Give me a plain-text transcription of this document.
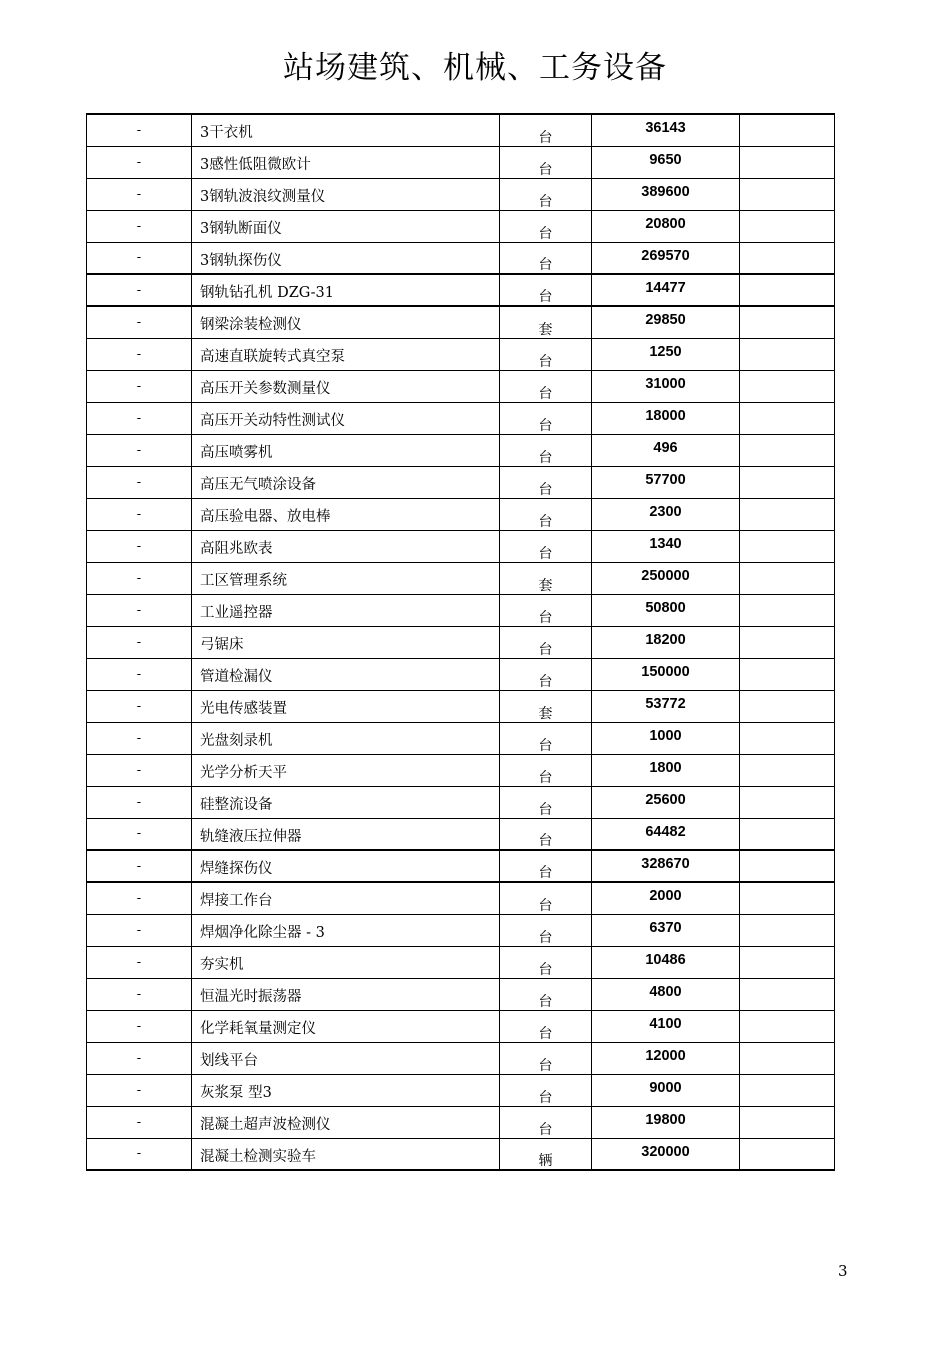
站场建筑、机械、工务设备
-	3干衣机	台	36143	
-	3感性低阻微欧计	台	9650	
-	3钢轨波浪纹测量仪	台	389600	
-	3钢轨断面仪	台	20800	
-	3钢轨探伤仪	台	269570	
-	钢轨钻孔机 DZG-31	台	14477	
-	钢梁涂装检测仪	套	29850	
-	高速直联旋转式真空泵	台	1250	
-	高压开关参数测量仪	台	31000	
-	高压开关动特性测试仪	台	18000	
-	高压喷雾机	台	496	
-	高压无气喷涂设备	台	57700	
-	高压验电器、放电棒	台	2300	
-	高阻兆欧表	台	1340	
-	工区管理系统	套	250000	
-	工业遥控器	台	50800	
-	弓锯床	台	18200	
-	管道检漏仪	台	150000	
-	光电传感装置	套	53772	
-	光盘刻录机	台	1000	
-	光学分析天平	台	1800	
-	硅整流设备	台	25600	
-	轨缝液压拉伸器	台	64482	
-	焊缝探伤仪	台	328670	
-	焊接工作台	台	2000	
-	焊烟净化除尘器 - 3	台	6370	
-	夯实机	台	10486	
-	恒温光时振荡器	台	4800	
-	化学耗氧量测定仪	台	4100	
-	划线平台	台	12000	
-	灰浆泵 型3	台	9000	
-	混凝土超声波检测仪	台	19800	
-	混凝土检测实验车	辆	320000	
3
